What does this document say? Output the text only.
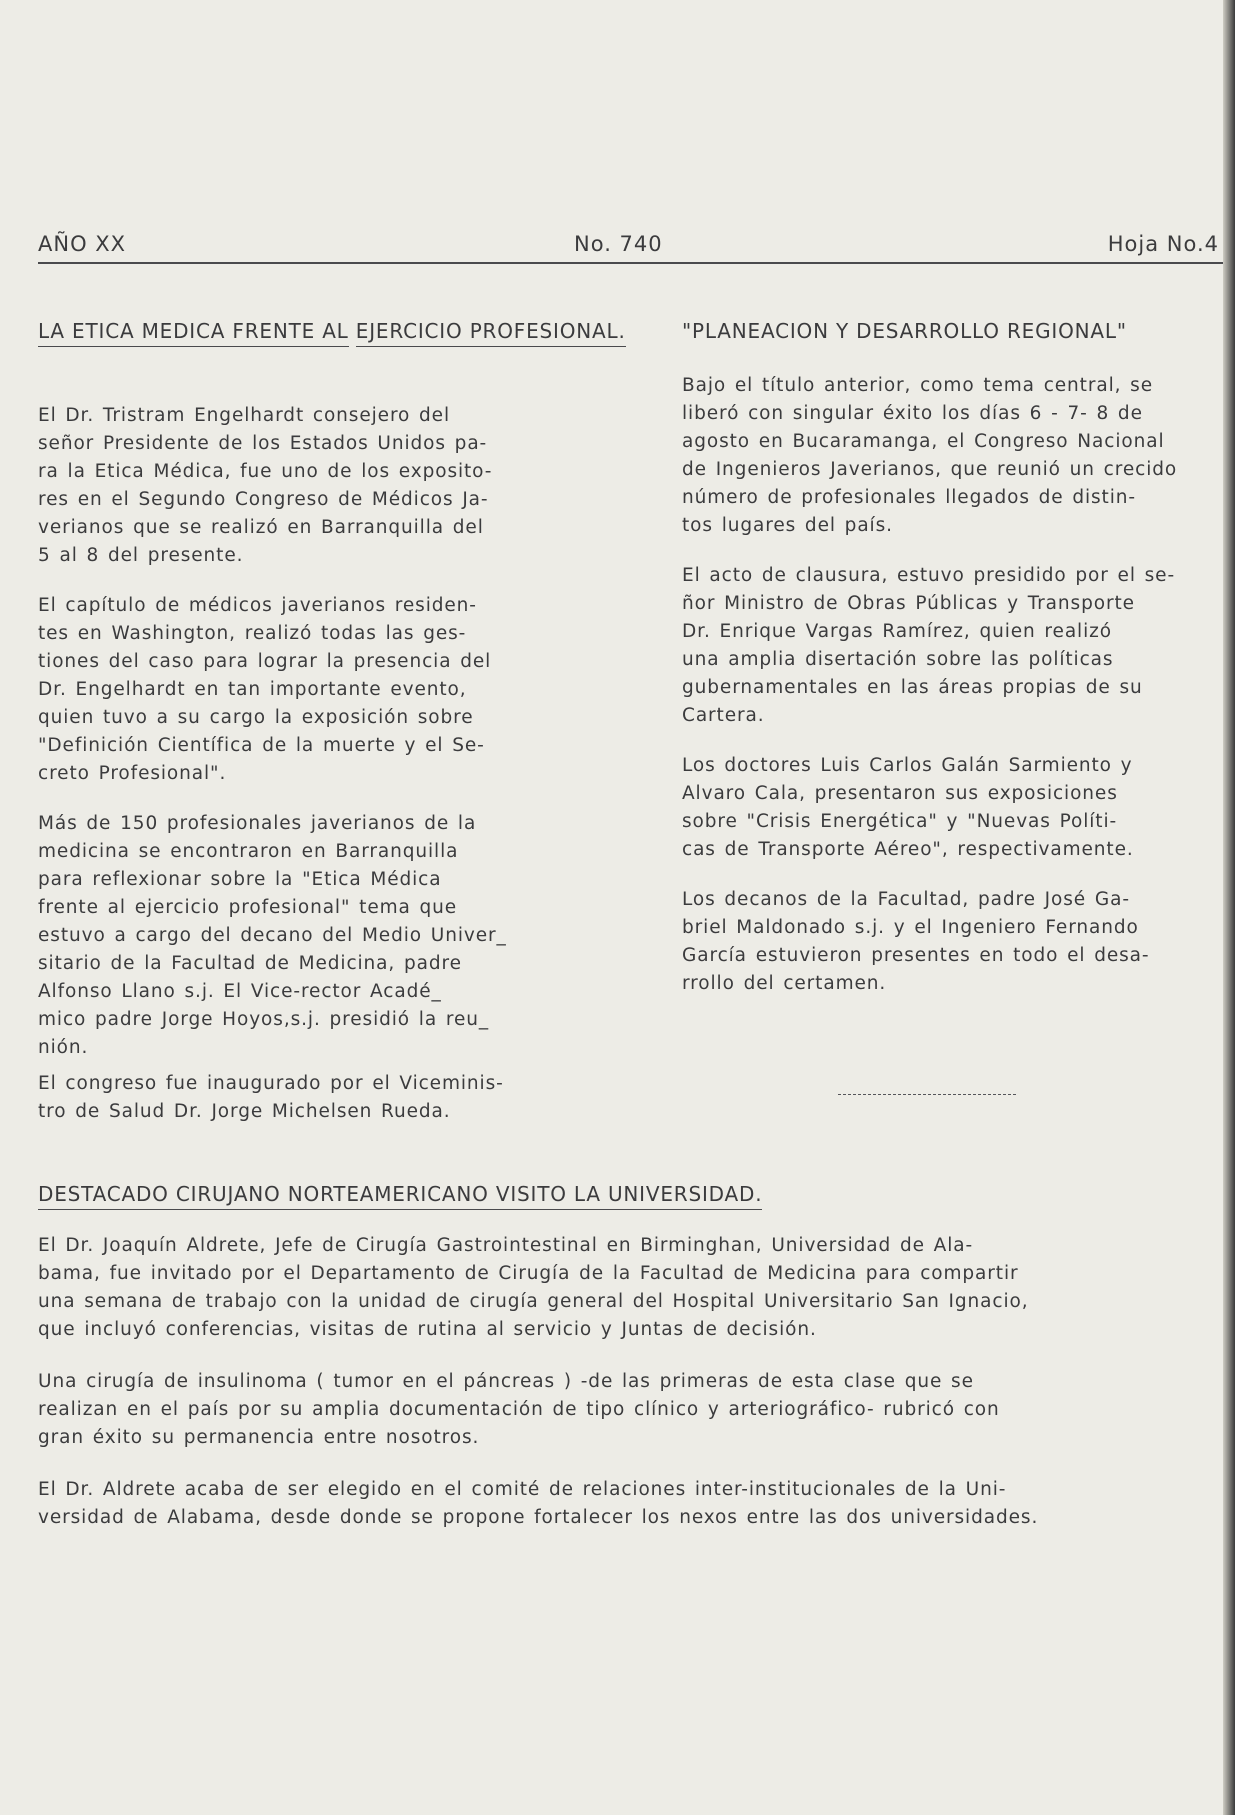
AÑO XX	No. 740	Hoja No.4
LA ETICA MEDICA FRENTE AL EJERCICIO PROFESIONAL.

El Dr. Tristram Engelhardt consejero del
señor Presidente de los Estados Unidos pa-
ra la Etica Médica, fue uno de los exposito-
res en el Segundo Congreso de Médicos Ja-
verianos que se realizó en Barranquilla del
5 al 8 del presente.

El capítulo de médicos javerianos residen-
tes en Washington, realizó todas las ges-
tiones del caso para lograr la presencia del
Dr. Engelhardt en tan importante evento,
quien tuvo a su cargo la exposición sobre
"Definición Científica de la muerte y el Se-
creto Profesional".

Más de 150 profesionales javerianos de la
medicina se encontraron en Barranquilla
para reflexionar sobre la "Etica Médica
frente al ejercicio profesional" tema que
estuvo a cargo del decano del Medio Univer_
sitario de la Facultad de Medicina, padre
Alfonso Llano s.j. El Vice-rector Acadé_
mico padre Jorge Hoyos,s.j. presidió la reu_
nión.

El congreso fue inaugurado por el Viceminis-
tro de Salud Dr. Jorge Michelsen Rueda.

"PLANEACION Y DESARROLLO REGIONAL"

Bajo el título anterior, como tema central, se
liberó con singular éxito los días 6 - 7- 8 de
agosto en Bucaramanga, el Congreso Nacional
de Ingenieros Javerianos, que reunió un crecido
número de profesionales llegados de distin-
tos lugares del país.

El acto de clausura, estuvo presidido por el se-
ñor Ministro de Obras Públicas y Transporte
Dr. Enrique Vargas Ramírez, quien realizó
una amplia disertación sobre las políticas
gubernamentales en las áreas propias de su
Cartera.

Los doctores Luis Carlos Galán Sarmiento y
Alvaro Cala, presentaron sus exposiciones
sobre "Crisis Energética" y "Nuevas Políti-
cas de Transporte Aéreo", respectivamente.

Los decanos de la Facultad, padre José Ga-
briel Maldonado s.j. y el Ingeniero Fernando
García estuvieron presentes en todo el desa-
rrollo del certamen.

DESTACADO CIRUJANO NORTEAMERICANO VISITO LA UNIVERSIDAD.

El Dr. Joaquín Aldrete, Jefe de Cirugía Gastrointestinal en Birminghan, Universidad de Ala-
bama, fue invitado por el Departamento de Cirugía de la Facultad de Medicina para compartir
una semana de trabajo con la unidad de cirugía general del Hospital Universitario San Ignacio,
que incluyó conferencias, visitas de rutina al servicio y Juntas de decisión.

Una cirugía de insulinoma ( tumor en el páncreas ) -de las primeras de esta clase que se
realizan en el país por su amplia documentación de tipo clínico y arteriográfico- rubricó con
gran éxito su permanencia entre nosotros.

El Dr. Aldrete acaba de ser elegido en el comité de relaciones inter-institucionales de la Uni-
versidad de Alabama, desde donde se propone fortalecer los nexos entre las dos universidades.
